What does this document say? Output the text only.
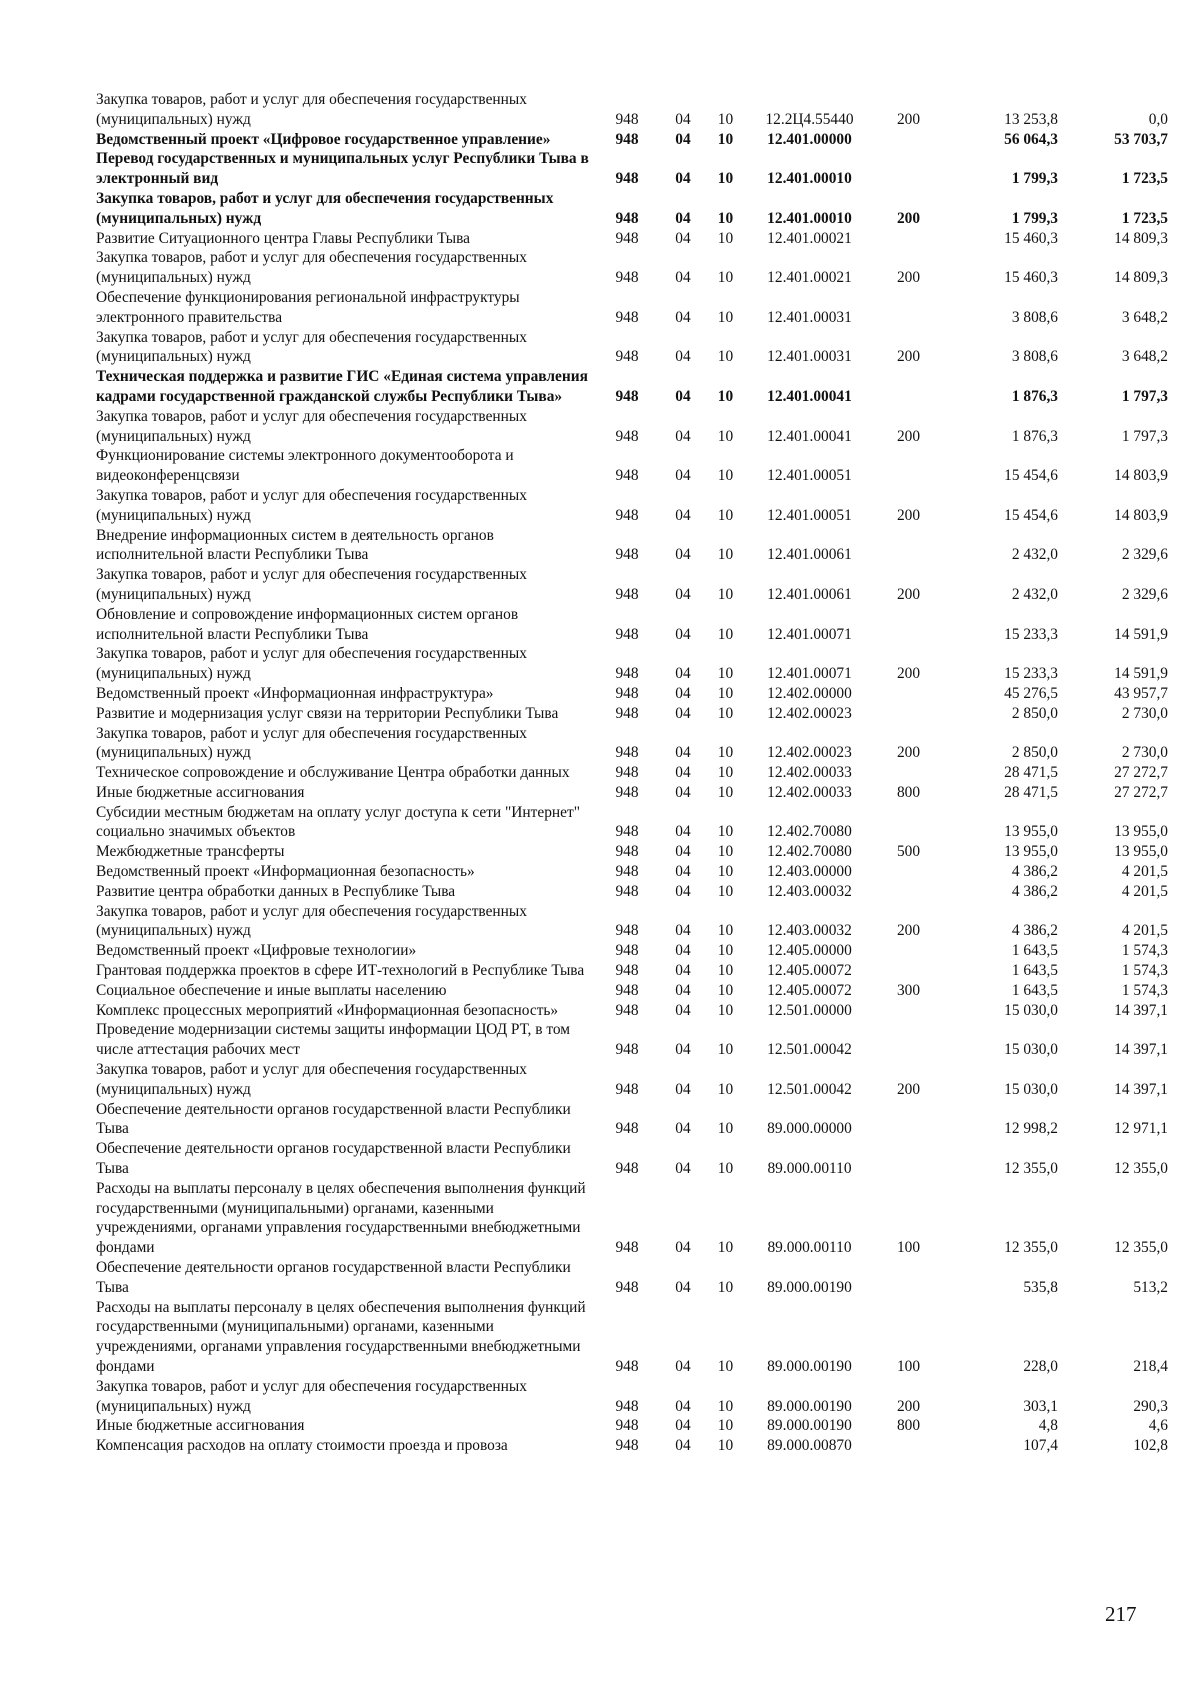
Закупка товаров, работ и услуг для обеспечения государственных (муниципальных) нужд	948	04	10	12.2Ц4.55440	200	13 253,8	0,0
Ведомственный проект «Цифровое государственное управление»	948	04	10	12.401.00000		56 064,3	53 703,7
Перевод государственных и муниципальных услуг Республики Тыва в электронный вид	948	04	10	12.401.00010		1 799,3	1 723,5
Закупка товаров, работ и услуг для обеспечения государственных (муниципальных) нужд	948	04	10	12.401.00010	200	1 799,3	1 723,5
Развитие Ситуационного центра Главы Республики Тыва	948	04	10	12.401.00021		15 460,3	14 809,3
Закупка товаров, работ и услуг для обеспечения государственных (муниципальных) нужд	948	04	10	12.401.00021	200	15 460,3	14 809,3
Обеспечение функционирования региональной инфраструктуры электронного правительства	948	04	10	12.401.00031		3 808,6	3 648,2
Закупка товаров, работ и услуг для обеспечения государственных (муниципальных) нужд	948	04	10	12.401.00031	200	3 808,6	3 648,2
Техническая поддержка и развитие ГИС «Единая система управления кадрами государственной гражданской службы Республики Тыва»	948	04	10	12.401.00041		1 876,3	1 797,3
Закупка товаров, работ и услуг для обеспечения государственных (муниципальных) нужд	948	04	10	12.401.00041	200	1 876,3	1 797,3
Функционирование системы электронного документооборота и видеоконференцсвязи	948	04	10	12.401.00051		15 454,6	14 803,9
Закупка товаров, работ и услуг для обеспечения государственных (муниципальных) нужд	948	04	10	12.401.00051	200	15 454,6	14 803,9
Внедрение информационных систем в деятельность органов исполнительной власти Республики Тыва	948	04	10	12.401.00061		2 432,0	2 329,6
Закупка товаров, работ и услуг для обеспечения государственных (муниципальных) нужд	948	04	10	12.401.00061	200	2 432,0	2 329,6
Обновление и сопровождение информационных систем органов исполнительной власти Республики Тыва	948	04	10	12.401.00071		15 233,3	14 591,9
Закупка товаров, работ и услуг для обеспечения государственных (муниципальных) нужд	948	04	10	12.401.00071	200	15 233,3	14 591,9
Ведомственный проект «Информационная инфраструктура»	948	04	10	12.402.00000		45 276,5	43 957,7
Развитие и модернизация услуг связи на территории Республики Тыва	948	04	10	12.402.00023		2 850,0	2 730,0
Закупка товаров, работ и услуг для обеспечения государственных (муниципальных) нужд	948	04	10	12.402.00023	200	2 850,0	2 730,0
Техническое сопровождение и обслуживание Центра обработки данных	948	04	10	12.402.00033		28 471,5	27 272,7
Иные бюджетные ассигнования	948	04	10	12.402.00033	800	28 471,5	27 272,7
Субсидии местным бюджетам на оплату услуг доступа к сети "Интернет" социально значимых объектов	948	04	10	12.402.70080		13 955,0	13 955,0
Межбюджетные трансферты	948	04	10	12.402.70080	500	13 955,0	13 955,0
Ведомственный проект «Информационная безопасность»	948	04	10	12.403.00000		4 386,2	4 201,5
Развитие центра обработки данных в Республике Тыва	948	04	10	12.403.00032		4 386,2	4 201,5
Закупка товаров, работ и услуг для обеспечения государственных (муниципальных) нужд	948	04	10	12.403.00032	200	4 386,2	4 201,5
Ведомственный проект «Цифровые технологии»	948	04	10	12.405.00000		1 643,5	1 574,3
Грантовая поддержка проектов в сфере ИТ-технологий в Республике Тыва	948	04	10	12.405.00072		1 643,5	1 574,3
Социальное обеспечение и иные выплаты населению	948	04	10	12.405.00072	300	1 643,5	1 574,3
Комплекс процессных мероприятий «Информационная безопасность»	948	04	10	12.501.00000		15 030,0	14 397,1
Проведение модернизации системы защиты информации ЦОД РТ, в том числе аттестация рабочих мест	948	04	10	12.501.00042		15 030,0	14 397,1
Закупка товаров, работ и услуг для обеспечения государственных (муниципальных) нужд	948	04	10	12.501.00042	200	15 030,0	14 397,1
Обеспечение деятельности органов государственной власти Республики Тыва	948	04	10	89.000.00000		12 998,2	12 971,1
Обеспечение деятельности органов государственной власти Республики Тыва	948	04	10	89.000.00110		12 355,0	12 355,0
Расходы на выплаты персоналу в целях обеспечения выполнения функций государственными (муниципальными) органами, казенными учреждениями, органами управления государственными внебюджетными фондами	948	04	10	89.000.00110	100	12 355,0	12 355,0
Обеспечение деятельности органов государственной власти Республики Тыва	948	04	10	89.000.00190		535,8	513,2
Расходы на выплаты персоналу в целях обеспечения выполнения функций государственными (муниципальными) органами, казенными учреждениями, органами управления государственными внебюджетными фондами	948	04	10	89.000.00190	100	228,0	218,4
Закупка товаров, работ и услуг для обеспечения государственных (муниципальных) нужд	948	04	10	89.000.00190	200	303,1	290,3
Иные бюджетные ассигнования	948	04	10	89.000.00190	800	4,8	4,6
Компенсация расходов на оплату стоимости проезда и провоза	948	04	10	89.000.00870		107,4	102,8
217
